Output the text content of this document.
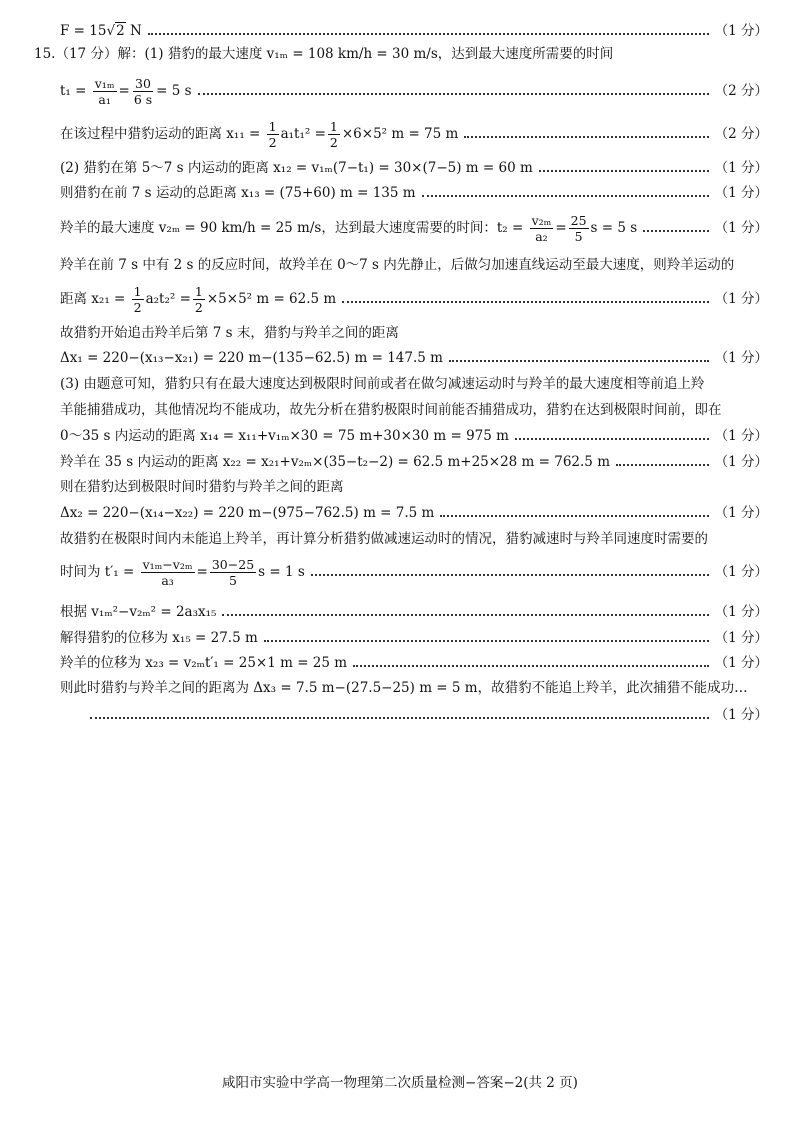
F = 15√2 N	（1 分）
15.（17 分）解：(1) 猎豹的最大速度 v₁ₘ = 108 km/h = 30 m/s，达到最大速度所需要的时间
$t_1 = \frac{\text{v₁ₘ}}{\text{a₁}} = \frac{30}{6 s} = 5$ s	（2 分）
在该过程中猎豹运动的距离 $x_{11} = \frac{1}{2} a_1t_1^2 = \frac{1}{2} \times 6\times 5^2$ m = 75 m	（2 分）
(2) 猎豹在第 5～7 s 内运动的距离 x₁₂ = v₁ₘ(7−t₁) = 30×(7−5) m = 60 m	（1 分）
则猎豹在前 7 s 运动的总距离 x₁₃ = (75+60) m = 135 m	（1 分）
羚羊的最大速度 v₂ₘ = 90 km/h = 25 m/s，达到最大速度需要的时间：$t_2 = \frac{\text{v₂ₘ}}{\text{a₂}} = \frac{25}{5}$ s = 5 s	（1 分）
羚羊在前 7 s 中有 2 s 的反应时间，故羚羊在 0～7 s 内先静止，后做匀加速直线运动至最大速度，则羚羊运动的
距离 $x_{21} = \frac{1}{2} a_2t_2^2 = \frac{1}{2} \times 5\times 5^2$ m = 62.5 m	（1 分）
故猎豹开始追击羚羊后第 7 s 末，猎豹与羚羊之间的距离
Δx₁ = 220−(x₁₃−x₂₁) = 220 m−(135−62.5) m = 147.5 m	（1 分）
(3) 由题意可知，猎豹只有在最大速度达到极限时间前或者在做匀减速运动时与羚羊的最大速度相等前追上羚
羊能捕猎成功，其他情况均不能成功，故先分析在猎豹极限时间前能否捕猎成功，猎豹在达到极限时间前，即在
0～35 s 内运动的距离 x₁₄ = x₁₁+v₁ₘ×30 = 75 m+30×30 m = 975 m	（1 分）
羚羊在 35 s 内运动的距离 x₂₂ = x₂₁+v₂ₘ×(35−t₂−2) = 62.5 m+25×28 m = 762.5 m	（1 分）
则在猎豹达到极限时间时猎豹与羚羊之间的距离
Δx₂ = 220−(x₁₄−x₂₂) = 220 m−(975−762.5) m = 7.5 m	（1 分）
故猎豹在极限时间内未能追上羚羊，再计算分析猎豹做减速运动时的情况，猎豹减速时与羚羊同速度时需要的
时间为 $t'_1 = \frac{\text{v₁ₘ−v₂ₘ}}{\text{a₃}} = \frac{30-25}{5}$ s = 1 s	（1 分）
根据 v₁ₘ²−v₂ₘ² = 2a₃x₁₅	（1 分）
解得猎豹的位移为 x₁₅ = 27.5 m	（1 分）
羚羊的位移为 x₂₃ = v₂ₘt′₁ = 25×1 m = 25 m	（1 分）
则此时猎豹与羚羊之间的距离为 Δx₃ = 7.5 m−(27.5−25) m = 5 m，故猎豹不能追上羚羊，此次捕猎不能成功…
（1 分）
咸阳市实验中学高一物理第二次质量检测−答案−2(共 2 页)
